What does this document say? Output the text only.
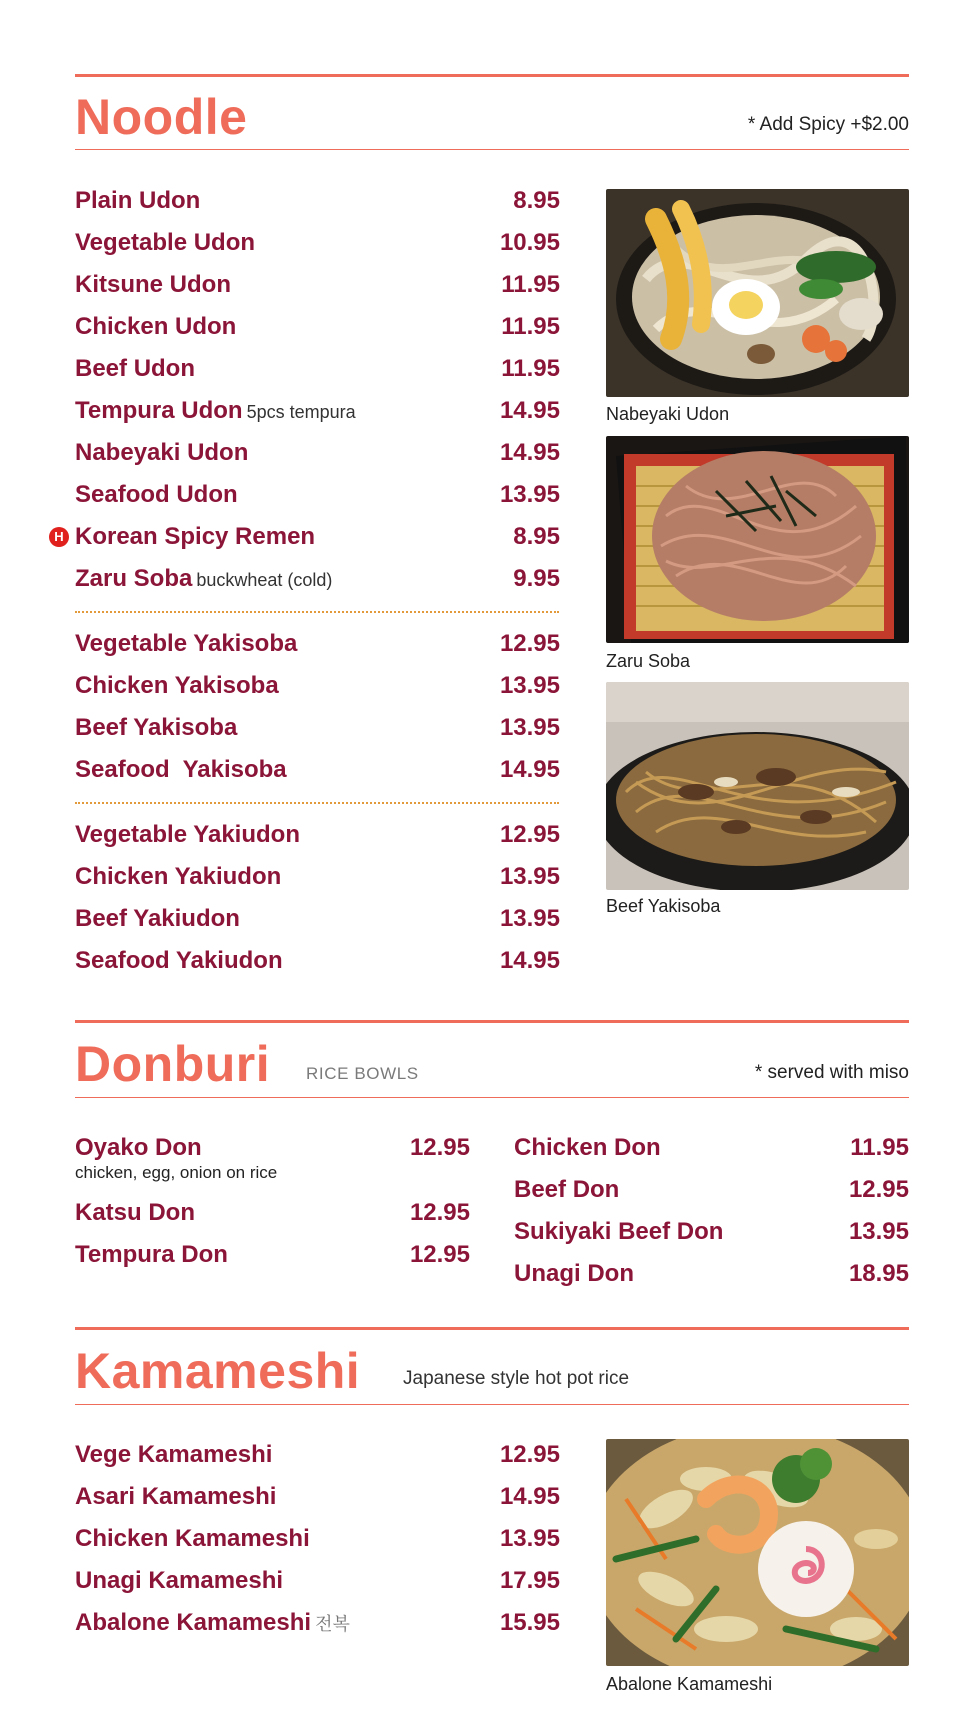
Noodle	* Add Spicy +$2.00
Plain Udon	8.95
Vegetable Udon	10.95
Kitsune Udon	11.95
Chicken Udon	11.95
Beef Udon	11.95
Tempura Udon 5pcs tempura	14.95
Nabeyaki Udon	14.95
Seafood Udon	13.95
H Korean Spicy Remen	8.95
Zaru Soba buckwheat (cold)	9.95
Vegetable Yakisoba	12.95
Chicken Yakisoba	13.95
Beef Yakisoba	13.95
Seafood  Yakisoba	14.95
Vegetable Yakiudon	12.95
Chicken Yakiudon	13.95
Beef Yakiudon	13.95
Seafood Yakiudon	14.95
Nabeyaki Udon
Zaru Soba
Beef Yakisoba
Donburi RICE BOWLS	* served with miso
Oyako Don	12.95
chicken, egg, onion on rice
Katsu Don	12.95
Tempura Don	12.95
Chicken Don	11.95
Beef Don	12.95
Sukiyaki Beef Don	13.95
Unagi Don	18.95
Kamameshi Japanese style hot pot rice
Vege Kamameshi	12.95
Asari Kamameshi	14.95
Chicken Kamameshi	13.95
Unagi Kamameshi	17.95
Abalone Kamameshi 전복	15.95
Abalone Kamameshi
